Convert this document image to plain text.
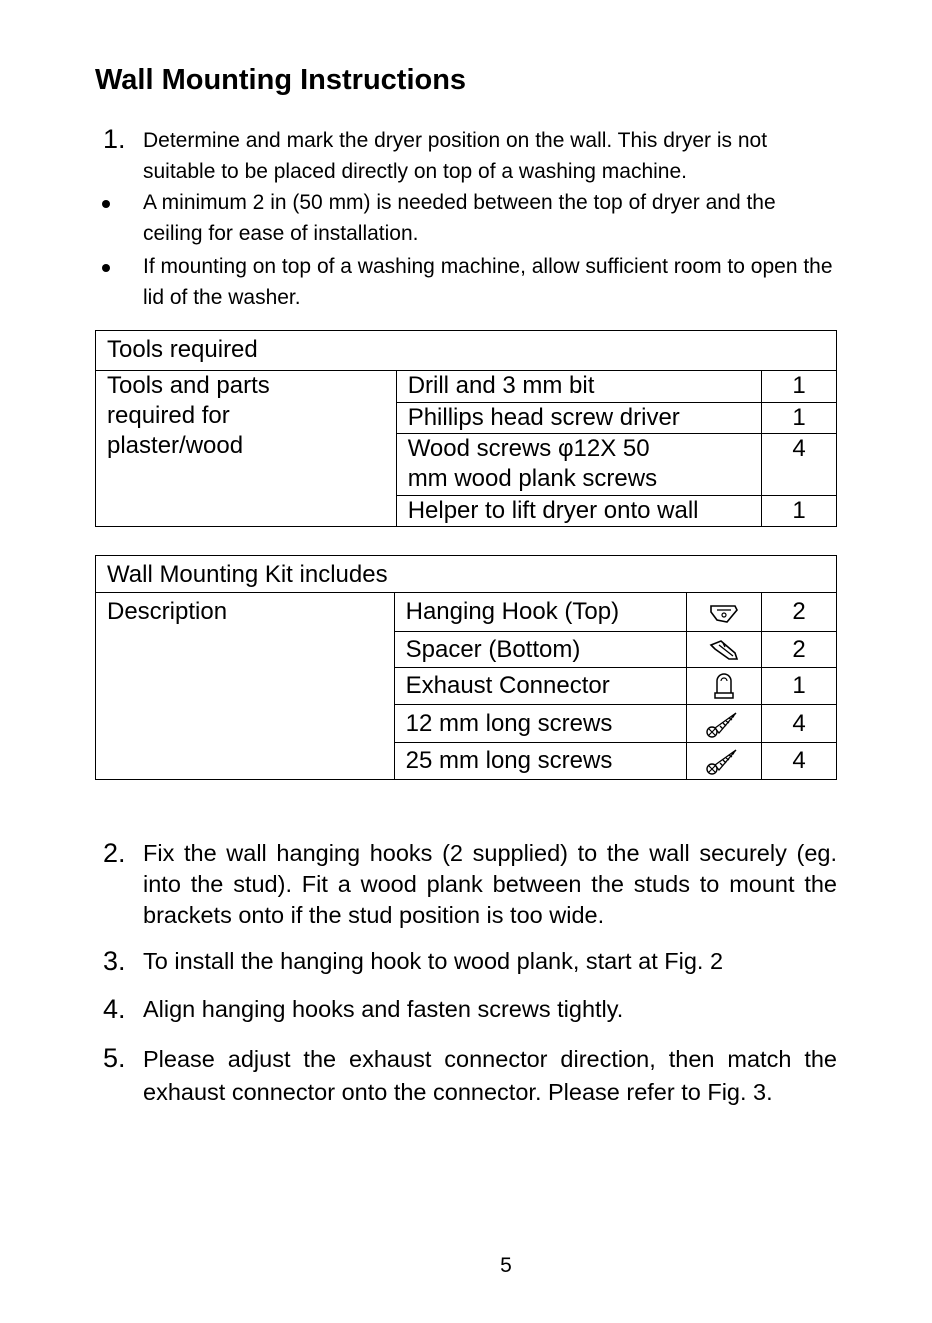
Wall Mounting Instructions
1. Determine and mark the dryer position on the wall. This dryer is not suitable to be placed directly on top of a washing machine.
A minimum 2 in (50 mm) is needed between the top of dryer and the ceiling for ease of installation.
If mounting on top of a washing machine, allow sufficient room to open the lid of the washer.
Tools required		
Tools and parts required for plaster/wood	Drill and 3 mm bit	1
	Phillips head screw driver	1
	Wood screws φ12X 50 mm wood plank screws	4
	Helper to lift dryer onto wall	1
Wall Mounting Kit includes			
Description	Hanging Hook (Top)		2
	Spacer (Bottom)		2
	Exhaust Connector		1
	12 mm long screws		4
	25 mm long screws		4
2. Fix the wall hanging hooks (2 supplied) to the wall securely (eg. into the stud). Fit a wood plank between the studs to mount the brackets onto if the stud position is too wide.
3. To install the hanging hook to wood plank, start at Fig. 2
4. Align hanging hooks and fasten screws tightly.
5. Please adjust the exhaust connector direction, then match the exhaust connector onto the connector. Please refer to Fig. 3.
5
